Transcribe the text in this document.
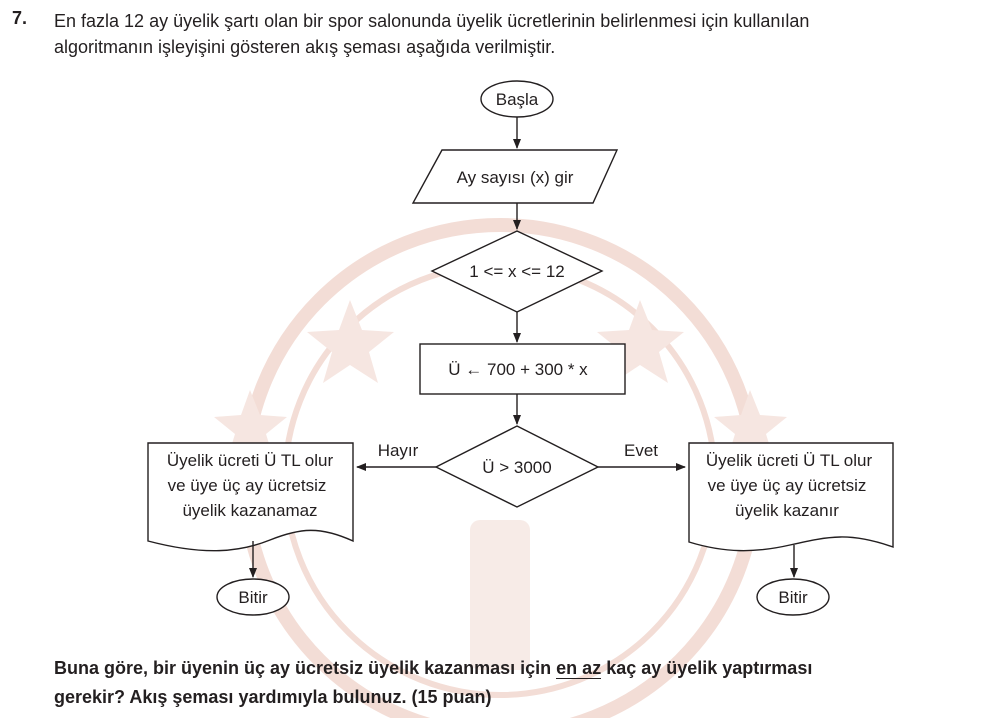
7. En fazla 12 ay üyelik şartı olan bir spor salonunda üyelik ücretlerinin belirlenmesi için kullanılan
algoritmanın işleyişini gösteren akış şeması aşağıda verilmiştir.
Başla
Ay sayısı (x) gir
1 <= x <= 12
Ü ← 700 + 300 * x
Ü > 3000
Hayır	Evet
Üyelik ücreti Ü TL olur
ve üye üç ay ücretsiz
üyelik kazanamaz
Üyelik ücreti Ü TL olur
ve üye üç ay ücretsiz
üyelik kazanır
Bitir	Bitir
Buna göre, bir üyenin üç ay ücretsiz üyelik kazanması için en az kaç ay üyelik yaptırması
gerekir? Akış şeması yardımıyla bulunuz. (15 puan)
